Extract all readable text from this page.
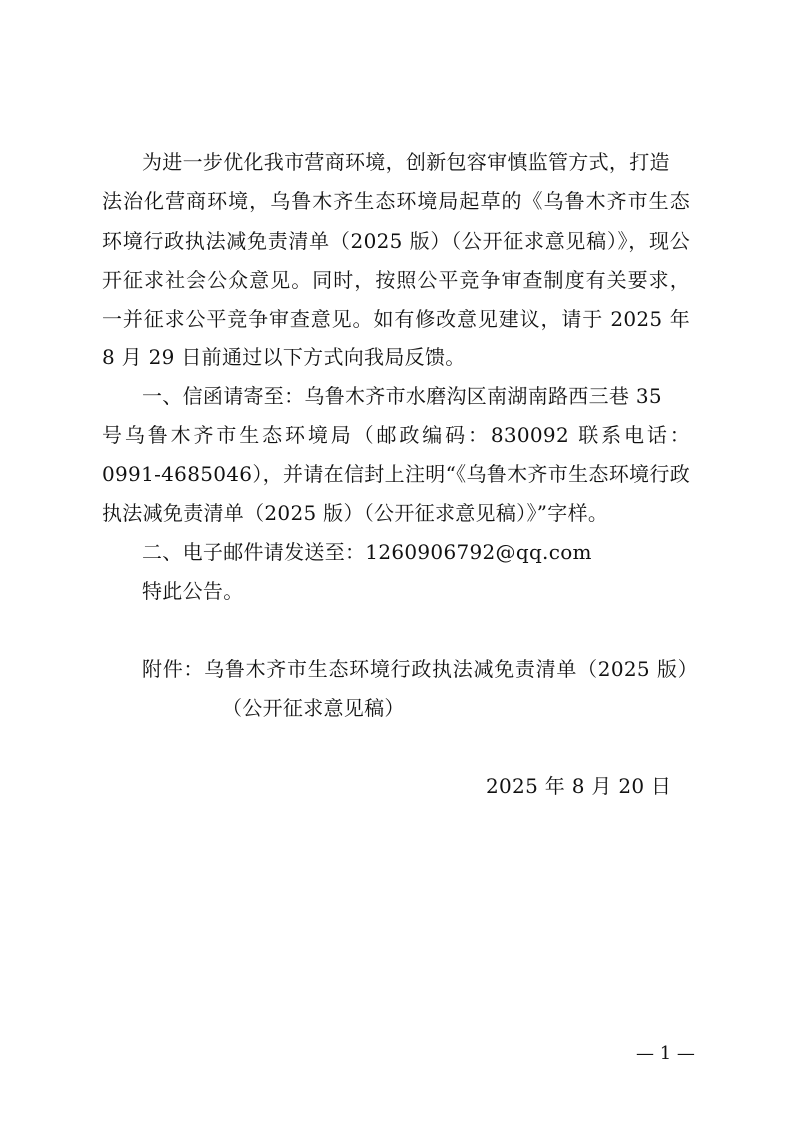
为进一步优化我市营商环境，创新包容审慎监管方式，打造
法治化营商环境，乌鲁木齐生态环境局起草的《乌鲁木齐市生态
环境行政执法减免责清单（2025 版）（公开征求意见稿）》，现公
开征求社会公众意见。同时，按照公平竞争审查制度有关要求，
一并征求公平竞争审查意见。如有修改意见建议，请于 2025 年
8 月 29 日前通过以下方式向我局反馈。
一、信函请寄至：乌鲁木齐市水磨沟区南湖南路西三巷 35
号乌鲁木齐市生态环境局（邮政编码：830092 联系电话：
0991-4685046），并请在信封上注明“《乌鲁木齐市生态环境行政
执法减免责清单（2025 版）（公开征求意见稿）》”字样。
二、电子邮件请发送至：1260906792@qq.com
特此公告。
附件：乌鲁木齐市生态环境行政执法减免责清单（2025 版）
（公开征求意见稿）
2025 年 8 月 20 日
— 1 —
